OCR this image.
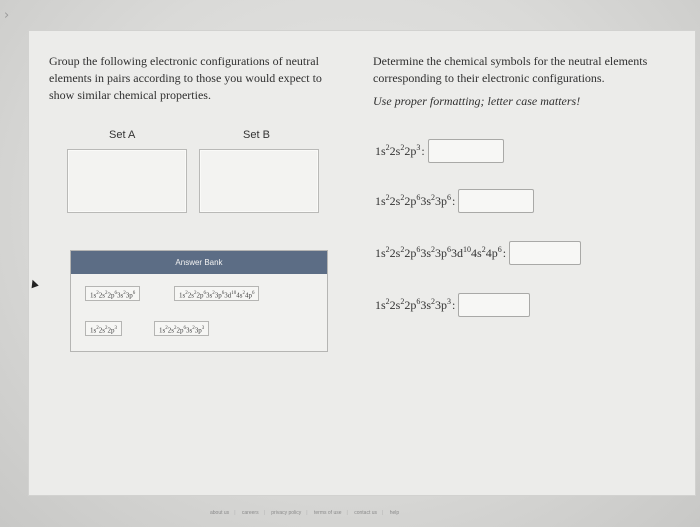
›
Group the following electronic configurations of neutral elements in pairs according to those you would expect to show similar chemical properties.
Determine the chemical symbols for the neutral elements corresponding to their electronic configurations.
Use proper formatting; letter case matters!
Set A	Set B
Answer Bank
$1s^22s^22p^63s^23p^6$	$1s^22s^22p^63s^23p^63d^{10}4s^24p^6$
$1s^22s^22p^3$	$1s^22s^22p^63s^23p^3$
$1s^22s^22p^3$:
$1s^22s^22p^63s^23p^6$:
$1s^22s^22p^63s^23p^63d^{10}4s^24p^6$:
$1s^22s^22p^63s^23p^3$:
▲
about us | careers | privacy policy | terms of use | contact us | help
